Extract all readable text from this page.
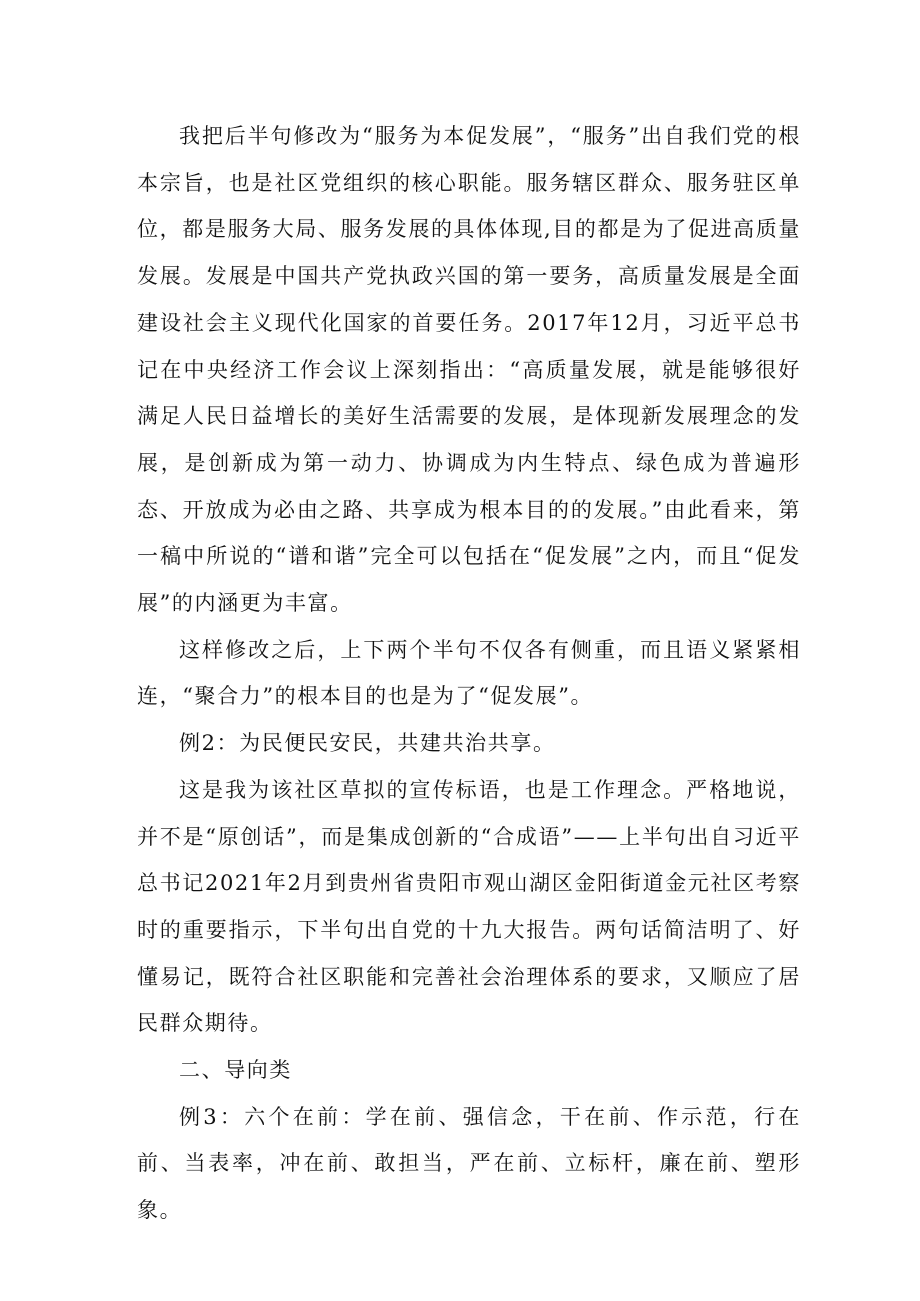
我把后半句修改为“服务为本促发展”，“服务”出自我们党的根本宗旨，也是社区党组织的核心职能。服务辖区群众、服务驻区单位，都是服务大局、服务发展的具体体现,目的都是为了促进高质量发展。发展是中国共产党执政兴国的第一要务，高质量发展是全面建设社会主义现代化国家的首要任务。2017年12月，习近平总书记在中央经济工作会议上深刻指出：“高质量发展，就是能够很好满足人民日益增长的美好生活需要的发展，是体现新发展理念的发展，是创新成为第一动力、协调成为内生特点、绿色成为普遍形态、开放成为必由之路、共享成为根本目的的发展。”由此看来，第一稿中所说的“谱和谐”完全可以包括在“促发展”之内，而且“促发展”的内涵更为丰富。

这样修改之后，上下两个半句不仅各有侧重，而且语义紧紧相连，“聚合力”的根本目的也是为了“促发展”。

例2：为民便民安民，共建共治共享。

这是我为该社区草拟的宣传标语，也是工作理念。严格地说，并不是“原创话”，而是集成创新的“合成语”——上半句出自习近平总书记2021年2月到贵州省贵阳市观山湖区金阳街道金元社区考察时的重要指示，下半句出自党的十九大报告。两句话简洁明了、好懂易记，既符合社区职能和完善社会治理体系的要求，又顺应了居民群众期待。

二、导向类

例3：六个在前：学在前、强信念，干在前、作示范，行在前、当表率，冲在前、敢担当，严在前、立标杆，廉在前、塑形象。
